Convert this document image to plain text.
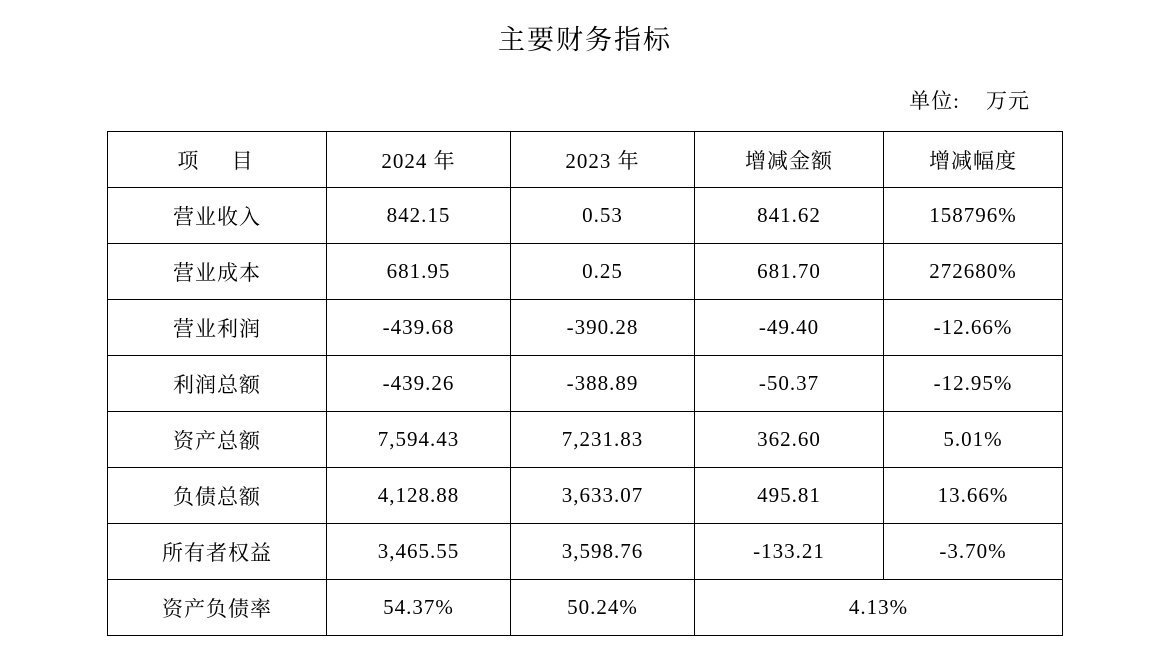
主要财务指标
单位: 万元
项 目	2024 年	2023 年	增减金额	增减幅度
营业收入	842.15	0.53	841.62	158796%
营业成本	681.95	0.25	681.70	272680%
营业利润	-439.68	-390.28	-49.40	-12.66%
利润总额	-439.26	-388.89	-50.37	-12.95%
资产总额	7,594.43	7,231.83	362.60	5.01%
负债总额	4,128.88	3,633.07	495.81	13.66%
所有者权益	3,465.55	3,598.76	-133.21	-3.70%
资产负债率	54.37%	50.24%	4.13%	
